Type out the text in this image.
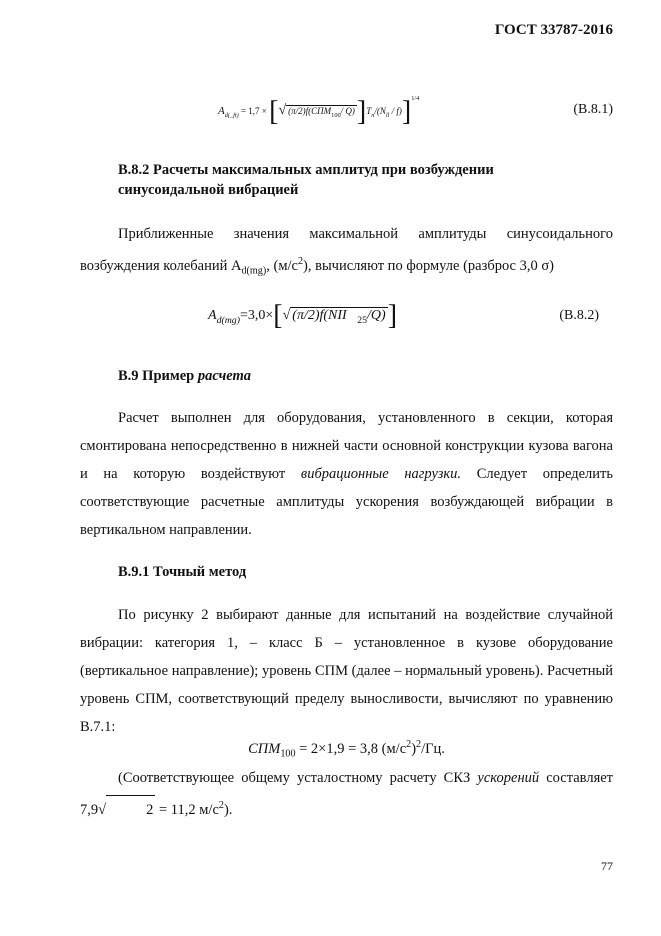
ГОСТ 33787-2016
$A_{d(\_ft)} = 1,7$ × [√ $(\pi/2)f(СПМ_{100}/$ $Q)]T_n/(N_{ll} / f)]^{1/4}$
(В.8.1)
В.8.2 Расчеты максимальных амплитуд при возбуждении
синусоидальной вибрацией
Приближенные значения максимальной амплитуды синусоидального возбуждения колебаний $А_{d(mg)}$, $(м/с^2)$, вычисляют по формуле (разброс 3,0 σ)
$A_{d(mg)}=3,0\times[√$ (π/2)f(NII $_{25}$/Q)]	(В.8.2)
В.9 Пример расчета
Расчет выполнен для оборудования, установленного в секции, которая смонтирована непосредственно в нижней части основной конструкции кузова вагона и на которую воздействуют вибрационные нагрузки. Следует определить соответствующие расчетные амплитуды ускорения возбуждающей вибрации в вертикальном направлении.
В.9.1 Точный метод
По рисунку 2 выбирают данные для испытаний на воздействие случайной вибрации: категория 1, – класс Б – установленное в кузове оборудование (вертикальное направление); уровень СПМ (далее – нормальный уровень). Расчетный уровень СПМ, соответствующий пределу выносливости, вычисляют по уравнению В.7.1:
$СПМ_{100} = 2\times 1,9 = 3,8$ $(м/с^2)^2/Гц$.
(Соответствующее общему усталостному расчету СКЗ ускорений составляет 7,9√	2 = 11,2 $м/с^2$).
77
